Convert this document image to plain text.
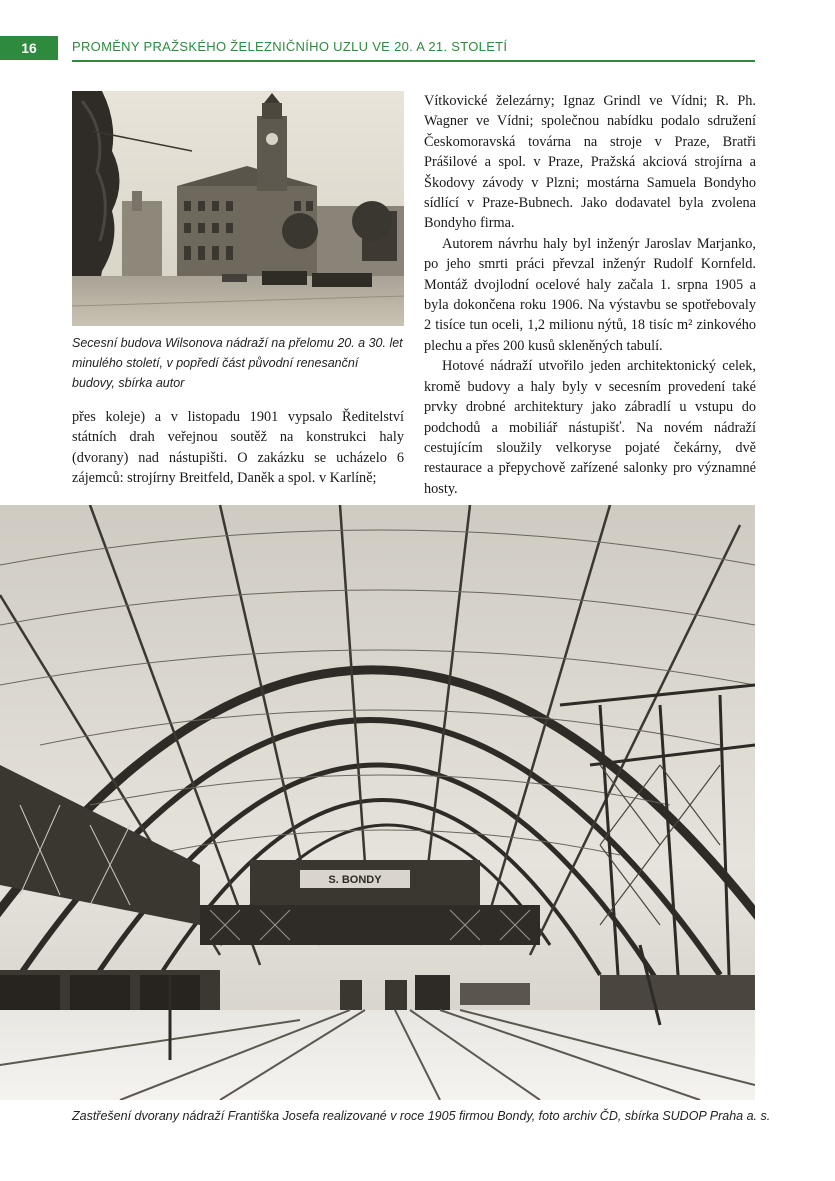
16	PROMĚNY PRAŽSKÉHO ŽELEZNIČNÍHO UZLU VE 20. A 21. STOLETÍ
Secesní budova Wilsonova nádraží na přelomu 20. a 30. let minulého století, v popředí část původní renesanční budovy, sbírka autor

přes koleje) a v listopadu 1901 vypsalo Ředitelství státních drah veřejnou soutěž na konstrukci haly (dvorany) nad nástupišti. O zakázku se ucházelo 6 zájemců: strojírny Breitfeld, Daněk a spol. v Karlíně;

Vítkovické železárny; Ignaz Grindl ve Vídni; R. Ph. Wagner ve Vídni; společnou nabídku podalo sdružení Českomoravská továrna na stroje v Praze, Bratři Prášilové a spol. v Praze, Pražská akciová strojírna a Škodovy závody v Plzni; mostárna Samuela Bondyho sídlící v Praze-Bubnech. Jako dodavatel byla zvolena Bondyho firma.

Autorem návrhu haly byl inženýr Jaroslav Marjanko, po jeho smrti práci převzal inženýr Rudolf Kornfeld. Montáž dvojlodní ocelové haly začala 1. srpna 1905 a byla dokončena roku 1906. Na výstavbu se spotřebovaly 2 tisíce tun oceli, 1,2 milionu nýtů, 18 tisíc m² zinkového plechu a přes 200 kusů skleněných tabulí.

Hotové nádraží utvořilo jeden architektonický celek, kromě budovy a haly byly v secesním provedení také prvky drobné architektury jako zábradlí u vstupu do podchodů a mobiliář nástupišť. Na novém nádraží cestujícím sloužily velkoryse pojaté čekárny, dvě restaurace a přepychově zařízené salonky pro významné hosty.

S. BONDY
Zastřešení dvorany nádraží Františka Josefa realizované v roce 1905 firmou Bondy, foto archiv ČD, sbírka SUDOP Praha a. s.
